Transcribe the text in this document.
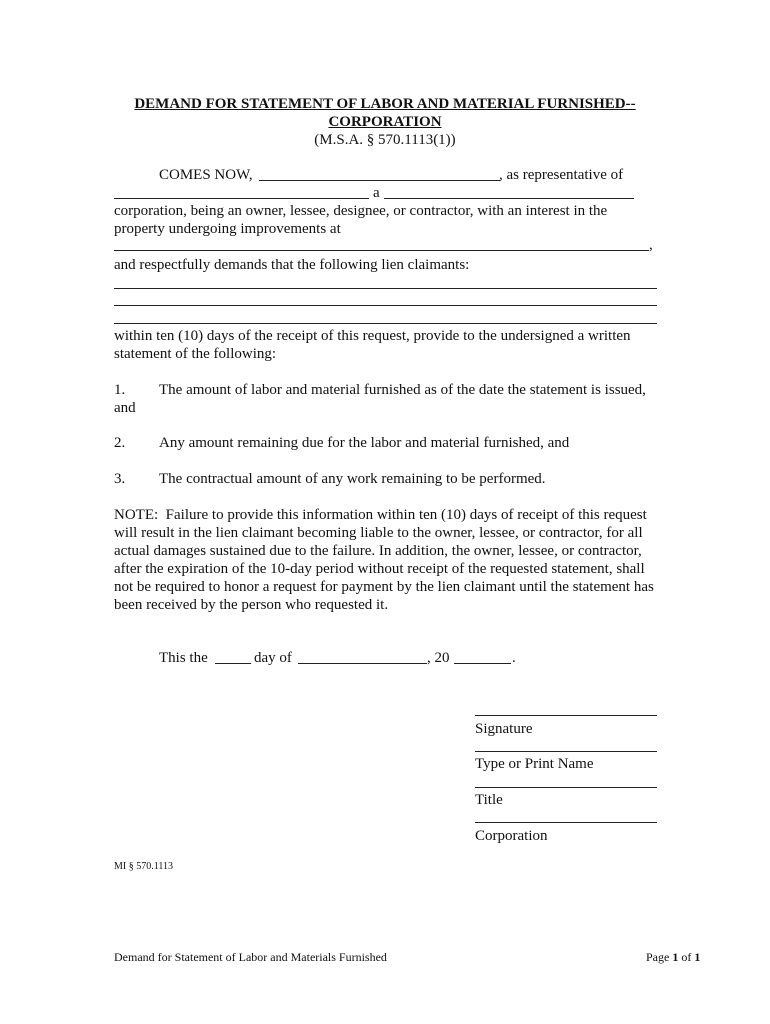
DEMAND FOR STATEMENT OF LABOR AND MATERIAL FURNISHED--
CORPORATION
(M.S.A. § 570.1113(1))
COMES NOW,	, as representative of
a
corporation, being an owner, lessee, designee, or contractor, with an interest in the
property undergoing improvements at
,
and respectfully demands that the following lien claimants:
within ten (10) days of the receipt of this request, provide to the undersigned a written
statement of the following:
1. The amount of labor and material furnished as of the date the statement is issued,
and
2. Any amount remaining due for the labor and material furnished, and
3. The contractual amount of any work remaining to be performed.
NOTE:  Failure to provide this information within ten (10) days of receipt of this request
will result in the lien claimant becoming liable to the owner, lessee, or contractor, for all
actual damages sustained due to the failure. In addition, the owner, lessee, or contractor,
after the expiration of the 10-day period without receipt of the requested statement, shall
not be required to honor a request for payment by the lien claimant until the statement has
been received by the person who requested it.
This the	day of	, 20	.
Signature
Type or Print Name
Title
Corporation
MI § 570.1113
Demand for Statement of Labor and Materials Furnished	Page 1 of 1
